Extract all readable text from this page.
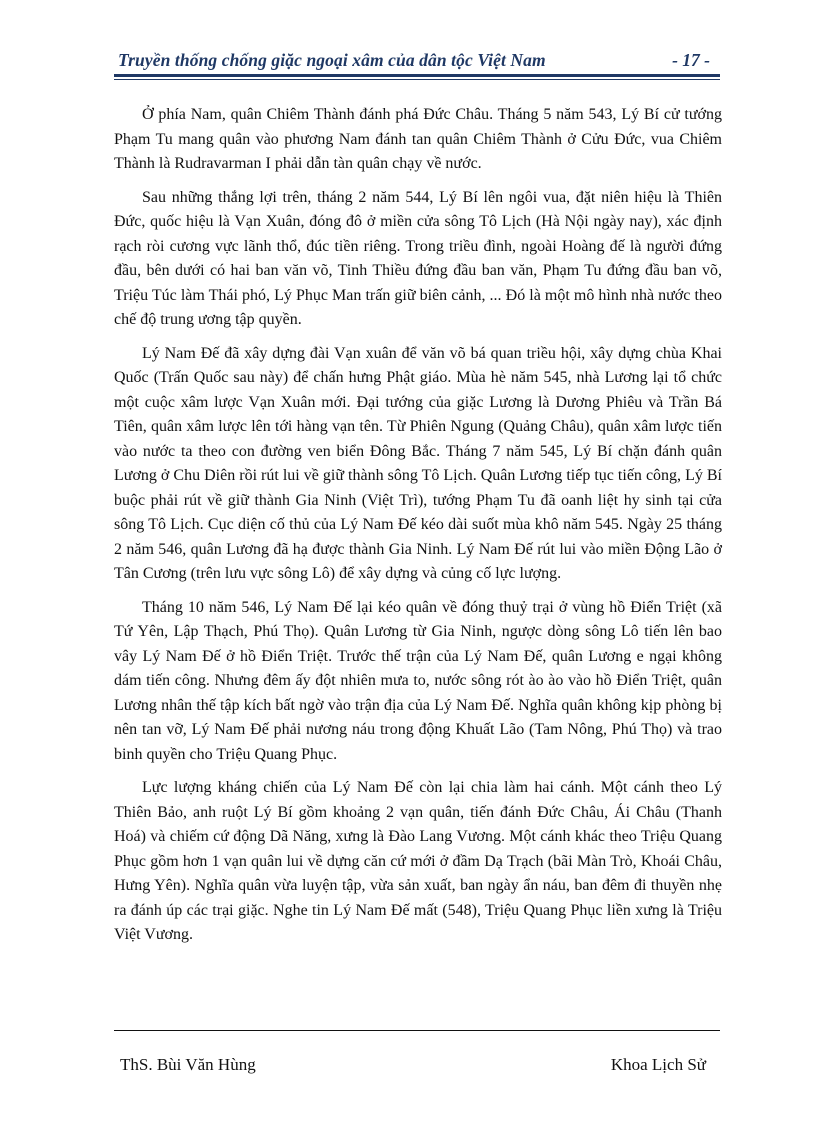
Truyền thống chống giặc ngoại xâm của dân tộc Việt Nam	- 17 -

Ở phía Nam, quân Chiêm Thành đánh phá Đức Châu. Tháng 5 năm 543, Lý Bí cử tướng Phạm Tu mang quân vào phương Nam đánh tan quân Chiêm Thành ở Cửu Đức, vua Chiêm Thành là Rudravarman I phải dẫn tàn quân chạy về nước.

Sau những thắng lợi trên, tháng 2 năm 544, Lý Bí lên ngôi vua, đặt niên hiệu là Thiên Đức, quốc hiệu là Vạn Xuân, đóng đô ở miền cửa sông Tô Lịch (Hà Nội ngày nay), xác định rạch ròi cương vực lãnh thổ, đúc tiền riêng. Trong triều đình, ngoài Hoàng đế là người đứng đầu, bên dưới có hai ban văn võ, Tinh Thiều đứng đầu ban văn, Phạm Tu đứng đầu ban võ, Triệu Túc làm Thái phó, Lý Phục Man trấn giữ biên cảnh, ... Đó là một mô hình nhà nước theo chế độ trung ương tập quyền.

Lý Nam Đế đã xây dựng đài Vạn xuân để văn võ bá quan triều hội, xây dựng chùa Khai Quốc (Trấn Quốc sau này) để chấn hưng Phật giáo. Mùa hè năm 545, nhà Lương lại tổ chức một cuộc xâm lược Vạn Xuân mới. Đại tướng của giặc Lương là Dương Phiêu và Trần Bá Tiên, quân xâm lược lên tới hàng vạn tên. Từ Phiên Ngung (Quảng Châu), quân xâm lược tiến vào nước ta theo con đường ven biển Đông Bắc. Tháng 7 năm 545, Lý Bí chặn đánh quân Lương ở Chu Diên rồi rút lui về giữ thành sông Tô Lịch. Quân Lương tiếp tục tiến công, Lý Bí buộc phải rút về giữ thành Gia Ninh (Việt Trì), tướng Phạm Tu đã oanh liệt hy sinh tại cửa sông Tô Lịch. Cục diện cố thủ của Lý Nam Đế kéo dài suốt mùa khô năm 545. Ngày 25 tháng 2 năm 546, quân Lương đã hạ được thành Gia Ninh. Lý Nam Đế rút lui vào miền Động Lão ở Tân Cương (trên lưu vực sông Lô) để xây dựng và củng cố lực lượng.

Tháng 10 năm 546, Lý Nam Đế lại kéo quân về đóng thuỷ trại ở vùng hồ Điển Triệt (xã Tứ Yên, Lập Thạch, Phú Thọ). Quân Lương từ Gia Ninh, ngược dòng sông Lô tiến lên bao vây Lý Nam Đế ở hồ Điển Triệt. Trước thế trận của Lý Nam Đế, quân Lương e ngại không dám tiến công. Nhưng đêm ấy đột nhiên mưa to, nước sông rót ào ào vào hồ Điển Triệt, quân Lương nhân thế tập kích bất ngờ vào trận địa của Lý Nam Đế. Nghĩa quân không kịp phòng bị nên tan vỡ, Lý Nam Đế phải nương náu trong động Khuất Lão (Tam Nông, Phú Thọ) và trao binh quyền cho Triệu Quang Phục.

Lực lượng kháng chiến của Lý Nam Đế còn lại chia làm hai cánh. Một cánh theo Lý Thiên Bảo, anh ruột Lý Bí gồm khoảng 2 vạn quân, tiến đánh Đức Châu, Ái Châu (Thanh Hoá) và chiếm cứ động Dã Năng, xưng là Đào Lang Vương. Một cánh khác theo Triệu Quang Phục gồm hơn 1 vạn quân lui về dựng căn cứ mới ở đầm Dạ Trạch (bãi Màn Trò, Khoái Châu, Hưng Yên). Nghĩa quân vừa luyện tập, vừa sản xuất, ban ngày ẩn náu, ban đêm đi thuyền nhẹ ra đánh úp các trại giặc. Nghe tin Lý Nam Đế mất (548), Triệu Quang Phục liền xưng là Triệu Việt Vương.

ThS. Bùi Văn Hùng	Khoa Lịch Sử
